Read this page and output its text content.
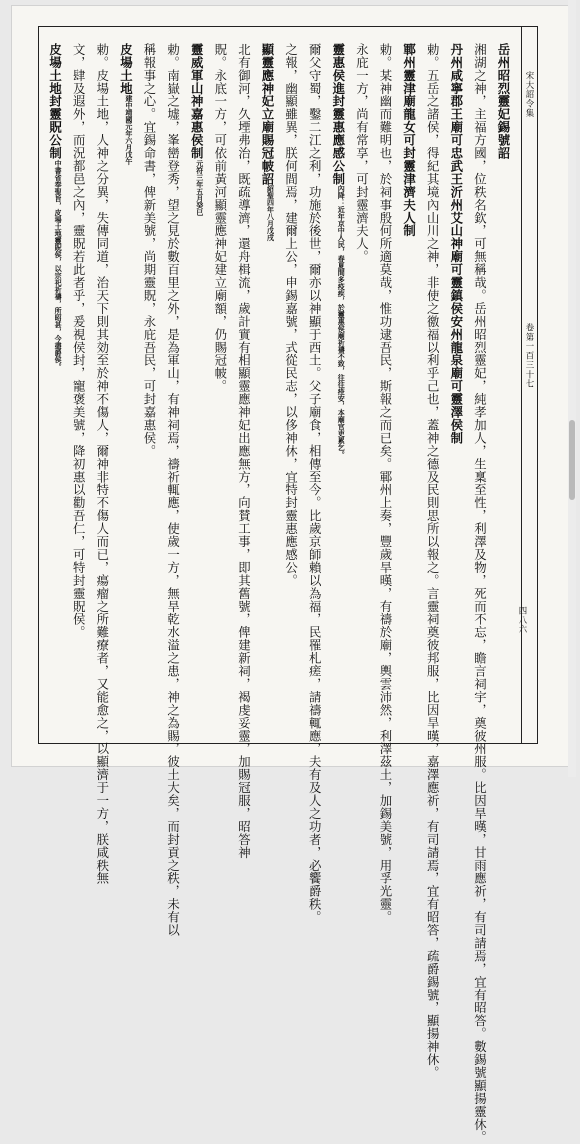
宋大詔令集
卷第一百三十七
岳州昭烈靈妃錫號詔
湘湖之神，主福方國，位秩名欽，可無稱哉。岳州昭烈靈妃，純孝加人，生稟至性，利澤及物，死而不忘，瞻言祠宇，奠彼州服。比因旱暵，甘雨應祈，有司請焉，宜有昭答。數錫號顯揚靈休。
丹州咸寧郡王廟可忠武王沂州艾山神廟可靈鎮侯安州龍泉廟可靈澤侯制
勅。五岳之諸侯，得紀其境內山川之神，非使之徼福以利乎己也，蓋神之德及民則思所以報之。言靈祠奠彼邦服，比因旱暵，嘉澤應祈，有司請焉，宜有昭答，疏爵錫號，顯揚神休。
鄆州靈津廟龍女可封靈津濟夫人制
勅。某神幽而難明也，於祠事殷何所適莫哉，惟功逮吾民，斯報之而已矣。鄆州上奏，豐歲旱暵，有禱於廟，輿雲沛然，利澤茲土，加錫美號，用孚光靈。
永庇一方，尚有常享，可封靈濟夫人。
靈惠侯進封靈惠應感公制內降：近年京中人民，春夏間多疫疾，於靈惠侯廟祈禱不致，往往痊安，本廟官吏累乞。
爾父守蜀，鑿二江之利，功施於後世，爾亦以神顯于西土。父子廟食，相傳至今。比歲京師賴以為福，民罹札瘥，請禱輒應，夫有及人之功者，必饗爵秩。
之報，幽顯雖異，朕何間焉，建爾上公，申錫嘉號，式從民志，以侈神休，宜特封靈惠應感公。
顯靈應神妃立廟賜冠帔詔紹聖四年八月戊戌
北有御河，久堙弗治，既疏導濟，還舟楫流，歲計實有相顯靈應神妃出應無方，向賛工事，即其舊號，俾建新祠，褐虔妥靈，加賜冠服，昭答神
貺。永底一方，可依前黃河顯靈應神妃建立廟額，仍賜冠帔。
靈威軍山神嘉惠侯制元符三年五月癸巳
勅。南嶽之墟，峯巒登秀，望之見於數百里之外，是為軍山，有神祠焉，禱祈輒應，使歲一方，無旱乾水溢之患，神之為賜，彼土大矣，而封貢之秩，未有以
稱報事之心。宜錫命書，俾新美號，尚期靈貺，永庇吾民，可封嘉惠侯。
皮場土地建中靖國元年六月戊午
勅。皮場土地，人神之分異，失傳同道，治天下則其効至於神不傷人，爾神非特不傷人而已，瘍瘤之所難療者，又能愈之，以顯濟于一方，朕咸秩無
文，肆及遐外，而況都邑之內，靈貺若此者乎，爰視侯封，寵褒美號，降初惠以勸吾仁，可特封靈貺侯。
皮場土地封靈貺公制中書省奉聖旨，皮場土地靈貺侯，以宗祀祈禱，所昭甚，今盡爵侯。
四八六
